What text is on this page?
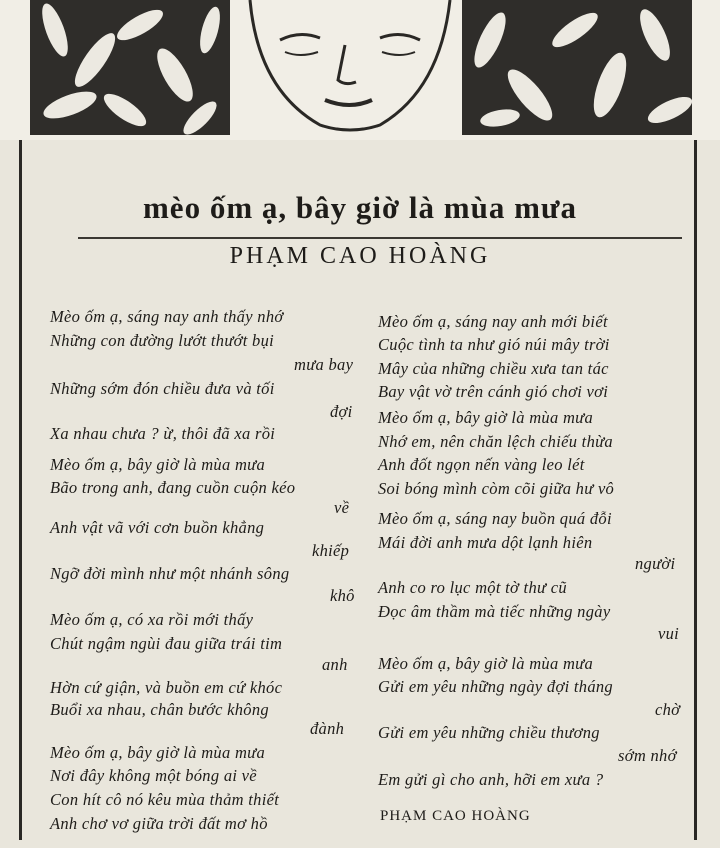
mèo ốm ạ, bây giờ là mùa mưa
PHẠM CAO HOÀNG
Mèo ốm ạ, sáng nay anh thấy nhớ
Những con đường lướt thướt bụi
mưa bay
Những sớm đón chiều đưa và tối
đợi
Xa nhau chưa ? ừ, thôi đã xa rồi
Mèo ốm ạ, bây giờ là mùa mưa
Bão trong anh, đang cuồn cuộn kéo
về
Anh vật vã với cơn buồn khẳng
khiếp
Ngỡ đời mình như một nhánh sông
khô
Mèo ốm ạ, có xa rồi mới thấy
Chút ngậm ngùi đau giữa trái tim
anh
Hờn cứ giận, và buồn em cứ khóc
Buổi xa nhau, chân bước không
đành
Mèo ốm ạ, bây giờ là mùa mưa
Nơi đây không một bóng ai về
Con hít cô nó kêu mùa thảm thiết
Anh chơ vơ giữa trời đất mơ hồ
Mèo ốm ạ, sáng nay anh mới biết
Cuộc tình ta như gió núi mây trời
Mây của những chiều xưa tan tác
Bay vật vờ trên cánh gió chơi vơi
Mèo ốm ạ, bây giờ là mùa mưa
Nhớ em, nên chăn lệch chiếu thừa
Anh đốt ngọn nến vàng leo lét
Soi bóng mình còm cõi giữa hư vô
Mèo ốm ạ, sáng nay buồn quá đỗi
Mái đời anh mưa dột lạnh hiên
người
Anh co ro lục một tờ thư cũ
Đọc âm thầm mà tiếc những ngày
vui
Mèo ốm ạ, bây giờ là mùa mưa
Gửi em yêu những ngày đợi tháng
chờ
Gửi em yêu những chiều thương
sớm nhớ
Em gửi gì cho anh, hỡi em xưa ?
PHẠM CAO HOÀNG
